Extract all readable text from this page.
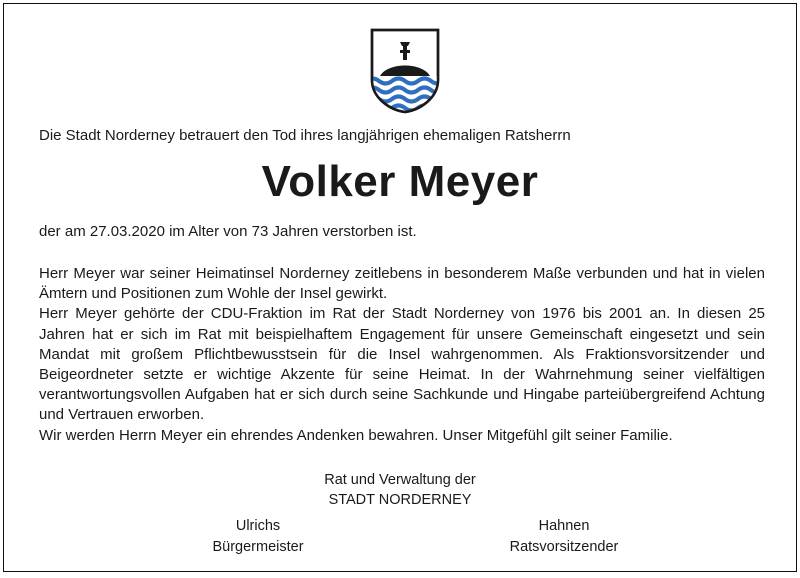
Die Stadt Norderney betrauert den Tod ihres langjährigen ehemaligen Ratsherrn
Volker Meyer
der am 27.03.2020 im Alter von 73 Jahren verstorben ist.

Herr Meyer war seiner Heimatinsel Norderney zeitlebens in besonderem Maße verbunden und hat in vielen Ämtern und Positionen zum Wohle der Insel gewirkt.

Herr Meyer gehörte der CDU-Fraktion im Rat der Stadt Norderney von 1976 bis 2001 an. In diesen 25 Jahren hat er sich im Rat mit beispielhaftem Engagement für unsere Gemeinschaft eingesetzt und sein Mandat mit großem Pflichtbewusstsein für die Insel wahrgenommen. Als Fraktionsvorsitzender und Beigeordneter setzte er wichtige Akzente für seine Heimat. In der Wahrnehmung seiner vielfältigen verantwortungsvollen Aufgaben hat er sich durch seine Sachkunde und Hingabe parteiübergreifend Achtung und Vertrauen erworben.

Wir werden Herrn Meyer ein ehrendes Andenken bewahren. Unser Mitgefühl gilt seiner Familie.

Rat und Verwaltung der
STADT NORDERNEY
Ulrichs
Bürgermeister
Hahnen
Ratsvorsitzender
